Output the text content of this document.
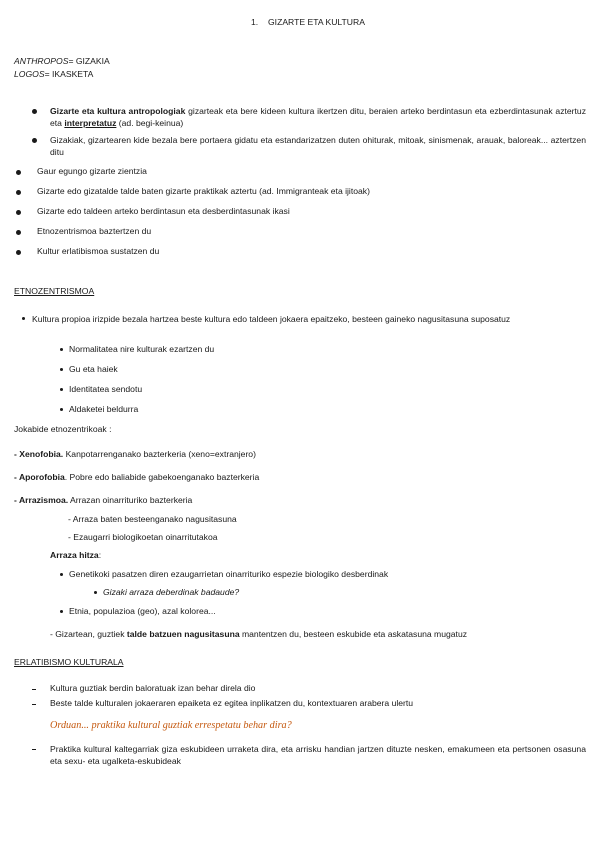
1. GIZARTE ETA KULTURA
ANTHROPOS= GIZAKIA
LOGOS= IKASKETA
Gizarte eta kultura antropologiak gizarteak eta bere kideen kultura ikertzen ditu, beraien arteko berdintasun eta ezberdintasunak aztertuz eta interpretatuz (ad. begi-keinua)
Gizakiak, gizartearen kide bezala bere portaera gidatu eta estandarizatzen duten ohiturak, mitoak, sinismenak, arauak, baloreak... aztertzen ditu
Gaur egungo gizarte zientzia
Gizarte edo gizatalde talde baten gizarte praktikak aztertu (ad. Immigranteak eta ijitoak)
Gizarte edo taldeen arteko berdintasun eta desberdintasunak ikasi
Etnozentrismoa baztertzen du
Kultur erlatibismoa sustatzen du
ETNOZENTRISMOA
Kultura propioa irizpide bezala hartzea beste kultura edo taldeen jokaera epaitzeko, besteen gaineko nagusitasuna suposatuz
Normalitatea nire kulturak ezartzen du
Gu eta haiek
Identitatea sendotu
Aldaketei beldurra
Jokabide etnozentrikoak :
- Xenofobia. Kanpotarrenganako bazterkeria (xeno=extranjero)
- Aporofobia. Pobre edo baliabide gabekoenganako bazterkeria
- Arrazismoa. Arrazan oinarrituriko bazterkeria
- Arraza baten besteenganako nagusitasuna
- Ezaugarri biologikoetan oinarritutakoa
Arraza hitza:
Genetikoki pasatzen diren ezaugarrietan oinarrituriko espezie biologiko desberdinak
Gizaki arraza deberdinak badaude?
Etnia, populazioa (geo), azal kolorea...
- Gizartean, guztiek talde batzuen nagusitasuna mantentzen du, besteen eskubide eta askatasuna mugatuz
ERLATIBISMO KULTURALA
Kultura guztiak berdin baloratuak izan behar direla dio
Beste talde kulturalen jokaeraren epaiketa ez egitea inplikatzen du, kontextuaren arabera ulertu
Orduan... praktika kultural guztiak errespetatu behar dira?
Praktika kultural kaltegarriak giza eskubideen urraketa dira, eta arrisku handian jartzen dituzte nesken, emakumeen eta pertsonen osasuna eta sexu- eta ugalketa-eskubideak
